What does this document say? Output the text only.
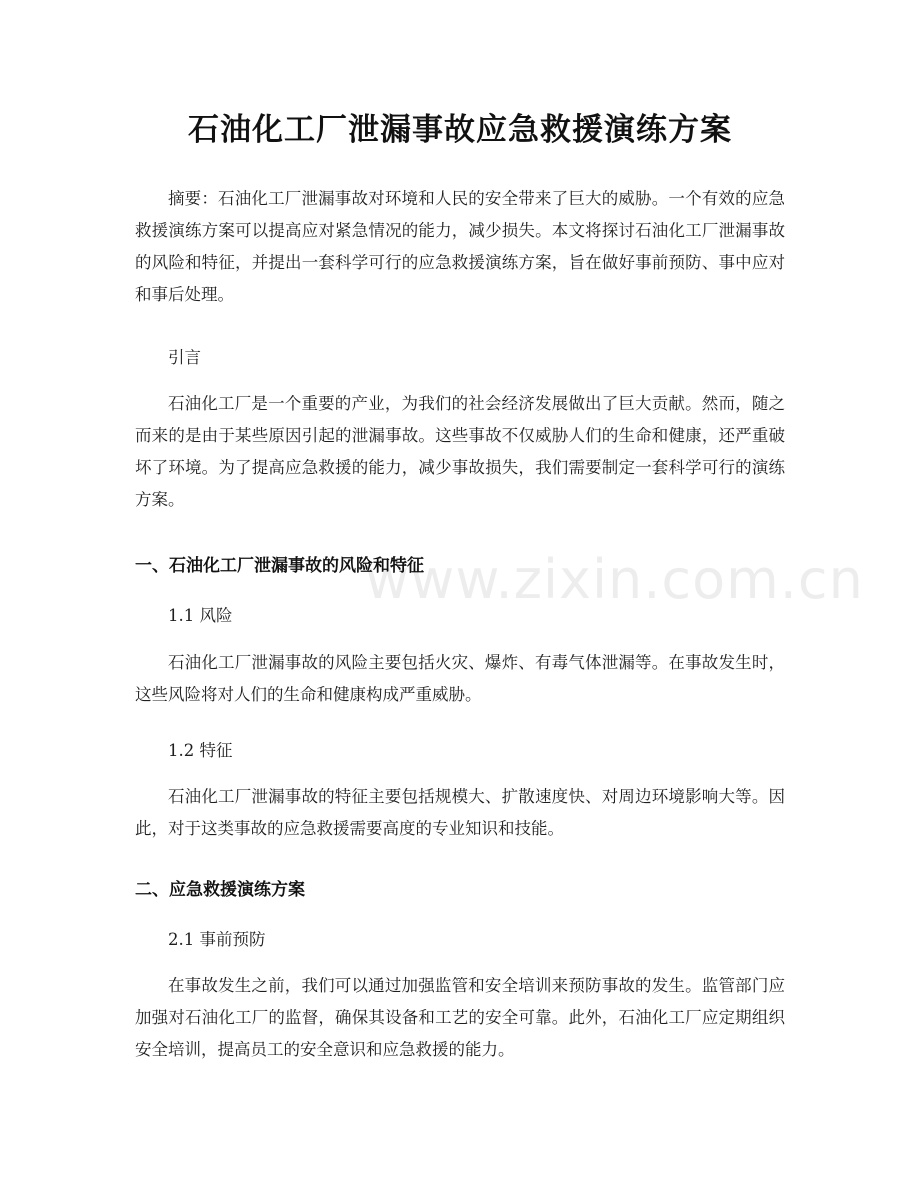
石油化工厂泄漏事故应急救援演练方案
摘要：石油化工厂泄漏事故对环境和人民的安全带来了巨大的威胁。一个有效的应急救援演练方案可以提高应对紧急情况的能力，减少损失。本文将探讨石油化工厂泄漏事故的风险和特征，并提出一套科学可行的应急救援演练方案，旨在做好事前预防、事中应对和事后处理。
引言
石油化工厂是一个重要的产业，为我们的社会经济发展做出了巨大贡献。然而，随之而来的是由于某些原因引起的泄漏事故。这些事故不仅威胁人们的生命和健康，还严重破坏了环境。为了提高应急救援的能力，减少事故损失，我们需要制定一套科学可行的演练方案。
一、石油化工厂泄漏事故的风险和特征
1.1 风险
石油化工厂泄漏事故的风险主要包括火灾、爆炸、有毒气体泄漏等。在事故发生时，这些风险将对人们的生命和健康构成严重威胁。
1.2 特征
石油化工厂泄漏事故的特征主要包括规模大、扩散速度快、对周边环境影响大等。因此，对于这类事故的应急救援需要高度的专业知识和技能。
二、应急救援演练方案
2.1 事前预防
在事故发生之前，我们可以通过加强监管和安全培训来预防事故的发生。监管部门应加强对石油化工厂的监督，确保其设备和工艺的安全可靠。此外，石油化工厂应定期组织安全培训，提高员工的安全意识和应急救援的能力。
www.zixin.com.cn
